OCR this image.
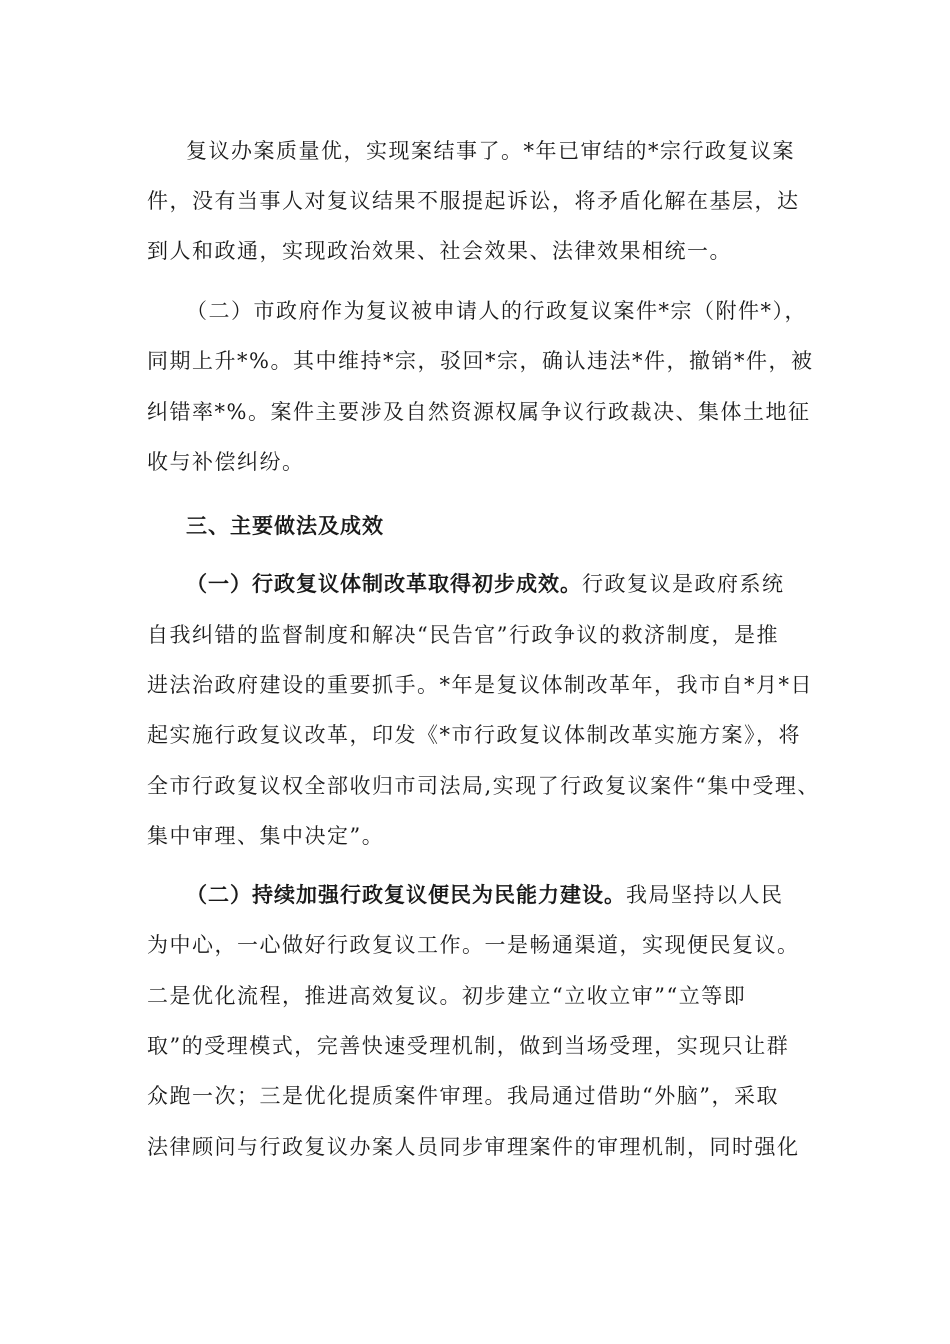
复议办案质量优，实现案结事了。*年已审结的*宗行政复议案
件，没有当事人对复议结果不服提起诉讼，将矛盾化解在基层，达
到人和政通，实现政治效果、社会效果、法律效果相统一。
（二）市政府作为复议被申请人的行政复议案件*宗（附件*），
同期上升*%。其中维持*宗，驳回*宗，确认违法*件，撤销*件，被
纠错率*%。案件主要涉及自然资源权属争议行政裁决、集体土地征
收与补偿纠纷。
三、主要做法及成效
（一）行政复议体制改革取得初步成效。行政复议是政府系统
自我纠错的监督制度和解决“民告官”行政争议的救济制度，是推
进法治政府建设的重要抓手。*年是复议体制改革年，我市自*月*日
起实施行政复议改革，印发《*市行政复议体制改革实施方案》，将
全市行政复议权全部收归市司法局,实现了行政复议案件“集中受理、
集中审理、集中决定”。
（二）持续加强行政复议便民为民能力建设。我局坚持以人民
为中心，一心做好行政复议工作。一是畅通渠道，实现便民复议。
二是优化流程，推进高效复议。初步建立“立收立审”“立等即
取”的受理模式，完善快速受理机制，做到当场受理，实现只让群
众跑一次；三是优化提质案件审理。我局通过借助“外脑”，采取
法律顾问与行政复议办案人员同步审理案件的审理机制，同时强化
